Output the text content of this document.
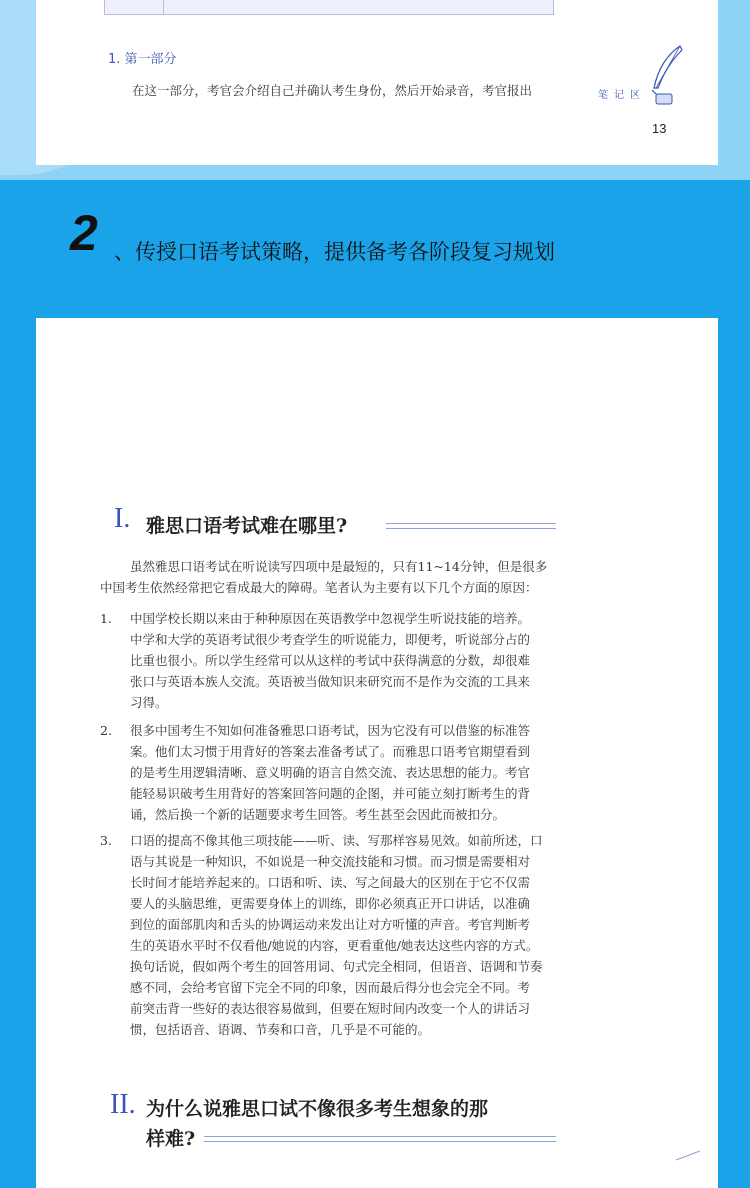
1. 第一部分
在这一部分，考官会介绍自己并确认考生身份，然后开始录音，考官报出	笔记区
13
2 、传授口语考试策略，提供备考各阶段复习规划
I. 雅思口语考试难在哪里?

虽然雅思口语考试在听说读写四项中是最短的，只有11~14分钟，但是很多

中国考生依然经常把它看成最大的障碍。笔者认为主要有以下几个方面的原因：

1. 中国学校长期以来由于种种原因在英语教学中忽视学生听说技能的培养。
中学和大学的英语考试很少考查学生的听说能力，即便考，听说部分占的
比重也很小。所以学生经常可以从这样的考试中获得满意的分数，却很难
张口与英语本族人交流。英语被当做知识来研究而不是作为交流的工具来
习得。
2. 很多中国考生不知如何准备雅思口语考试，因为它没有可以借鉴的标准答
案。他们太习惯于用背好的答案去准备考试了。而雅思口语考官期望看到
的是考生用逻辑清晰、意义明确的语言自然交流、表达思想的能力。考官
能轻易识破考生用背好的答案回答问题的企图，并可能立刻打断考生的背
诵，然后换一个新的话题要求考生回答。考生甚至会因此而被扣分。
3. 口语的提高不像其他三项技能——听、读、写那样容易见效。如前所述，口
语与其说是一种知识，不如说是一种交流技能和习惯。而习惯是需要相对
长时间才能培养起来的。口语和听、读、写之间最大的区别在于它不仅需
要人的头脑思维，更需要身体上的训练，即你必须真正开口讲话，以准确
到位的面部肌肉和舌头的协调运动来发出让对方听懂的声音。考官判断考
生的英语水平时不仅看他/她说的内容，更看重他/她表达这些内容的方式。
换句话说，假如两个考生的回答用词、句式完全相同，但语音、语调和节奏
感不同，会给考官留下完全不同的印象，因而最后得分也会完全不同。考
前突击背一些好的表达很容易做到，但要在短时间内改变一个人的讲话习
惯，包括语音、语调、节奏和口音，几乎是不可能的。
II. 为什么说雅思口试不像很多考生想象的那
样难?
